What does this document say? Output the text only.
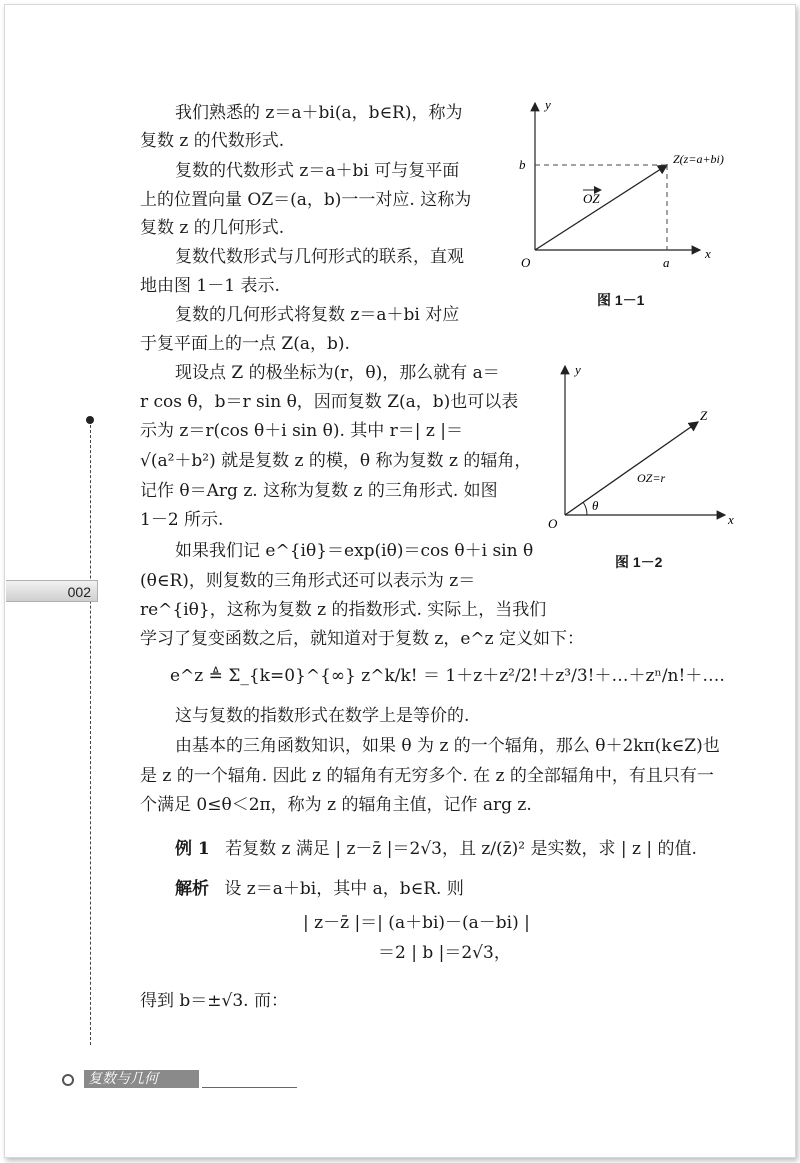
我们熟悉的 z＝a＋bi(a，b∈R)，称为
复数 z 的代数形式.
复数的代数形式 z＝a＋bi 可与复平面
上的位置向量 OZ＝(a，b)一一对应. 这称为
复数 z 的几何形式.
复数代数形式与几何形式的联系，直观
地由图 1－1 表示.
复数的几何形式将复数 z＝a＋bi 对应
于复平面上的一点 Z(a，b).
现设点 Z 的极坐标为(r，θ)，那么就有 a＝
r cos θ，b＝r sin θ，因而复数 Z(a，b)也可以表
示为 z＝r(cos θ＋i sin θ). 其中 r＝| z |＝
√(a²＋b²) 就是复数 z 的模，θ 称为复数 z 的辐角，
记作 θ＝Arg z. 这称为复数 z 的三角形式. 如图
1－2 所示.
如果我们记 e^{iθ}＝exp(iθ)＝cos θ＋i sin θ
(θ∈R)，则复数的三角形式还可以表示为 z＝
re^{iθ}，这称为复数 z 的指数形式. 实际上，当我们
学习了复变函数之后，就知道对于复数 z，e^z 定义如下：
e^z ≜ Σ_{k=0}^{∞} z^k/k! ＝ 1＋z＋z²/2!＋z³/3!＋…＋zⁿ/n!＋….
这与复数的指数形式在数学上是等价的.
由基本的三角函数知识，如果 θ 为 z 的一个辐角，那么 θ＋2kπ(k∈Z)也
是 z 的一个辐角. 因此 z 的辐角有无穷多个. 在 z 的全部辐角中，有且只有一
个满足 0≤θ＜2π，称为 z 的辐角主值，记作 arg z.
例 1 若复数 z 满足 | z－z̄ |＝2√3，且 z/(z̄)² 是实数，求 | z | 的值.
解析 设 z＝a＋bi，其中 a，b∈R. 则
| z－z̄ |＝| (a＋bi)－(a－bi) |
＝2 | b |＝2√3，
得到 b＝±√3. 而：
y
x
O
b
a
OZ
Z(z=a+bi)
图 1－1
y
x
O
Z
OZ=r
θ
图 1－2
002
复数与几何
